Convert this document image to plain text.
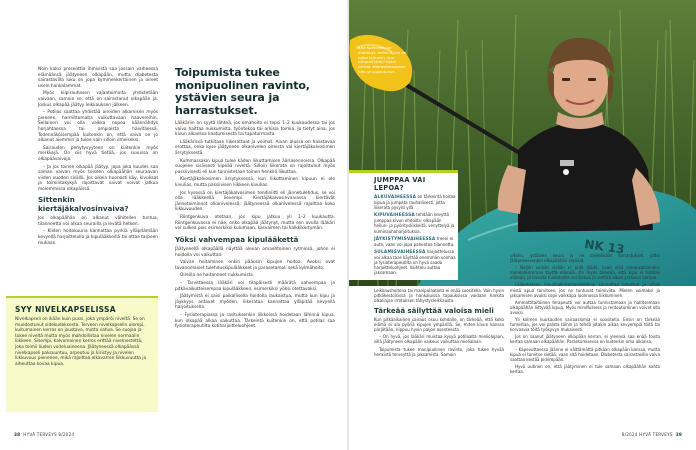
Noin kaksi prosenttia ihmisistä saa jossain vaiheessa elämäänsä jäätyneen olkapään, mutta diabetesta sairastavilla luku on jopa kymmenkertainen ja oireet usein hankalammat.

Myös kilpirauhasen vajaatoiminta yhdistetään vaivaan, samoin se, että on sairastanut olkapään ja. Joskus olkapää jäätyy leikkauksen jälkeen.

– Potilas saattaa yhdistää oireiden alkamisen myös pieneen, harmittomalta vaikuttavaan haavereihin. Sellainen voi olla vaikka nopea käännähdys horjahtaessa tai ampiaista häivitäessä. Todennäköisempää kuitenkin on, että vaiva on jo alkanut aiemmin ja tuleе vain silloin ilmeiseksi.

Sairauden periytyvyyteen on kuitenkin myös merkkejä. On siis hyvä tietää, jos suvussa on olkapäävaivoja.

– Ja jos toinen olkapää jäätyy, jopa joka kuudes saa saman vaivan myös toiseen olkapäähän seuraavan viiden vuoden sisällä. Jos oikein huonosti käy, kivuliaat ja toimintakykyä rajoittavat vaivat voivat jatkua molemmissa olkapäissä.

Sittenkin kiertäjäkalvosinvaiva?

Jos olkapäähän on alkanut vähitellen tuntua, tilanneetta voi alkaa seuraillа ja levätä hetken.

– Kliden hoitokuuria kannattaa pyrkiä ylläpitämään kevyellä harjoittelulla ja kipulääkkeillä tai ottaa tarpeen mukaan.

SYY NIVELKAPSELISSA
Nivelkapseli on ikään kuin pussi, joka ympäröi niveltä. Se on muodostunut sidekudoksesta. Terveen nivelkapselin ulompi, kuitumainen kerros on joustava, mutta vahva. Se suojaa ja tukee niveltä mutta myös mahdollistaa nivelen normaalin liikkeen. Sisempi, kalvomainen kerros erittää nivelnestettä, joka toimii liuden voiteluaineena. Jäätyneessä olkapäässä nivelkapseli paksuuntuu, arpeutuu ja kiristyy ja nivelen liikkuvuus pienenee, mikä rajoittaa olkavarren liikkuvuutta ja aiheuttaa kovaa kipua.
Toipumista tukee monipuolinen ravinto, ystävien seura ja harrastukset.

Lääkäriin on syytä lähteä, jos omahoito ei tepsi 1–2 kuukaudessa tai jos vaiva haittaa nukkumista, työntekoa tai arkisia toimia. Jo tietyt aina, jos kivun alkaessa kaatumisesta tai tapaturmasta.

Lääkärissä tutkitaan liikerattaat ja voimat. Aivan alussa on haastavaa erottaa, onko kyse jäätyneen olkanivelen oireista vai kiertäjäkalvosimen ärsytyksestä.

Kummassakin kipuá tulee käden liikuttamisen ääriasennoissa. Olkapää suojelee sisäisesti kipeää niveltä. Silloin liikerata on rajoittunut myös passiivisesti eli kun tunnistetaan toinen henkilö liikuttaa.

Kiertäjäkalvosimen ärsytyksessä, kun liikuttaminen kipuun ei ole kivulias, mutta passiivisen liikkeen kivulias.

Jos kysessä on kiertäjäkalvosimen tendiniitti eli jännetulehdus, se voi olla lääkkeellä lievempi. Kiertäjäkalvosinvaivassa kiertävät jännetoiminnot olkanivelessä; jäätyneessä olkanivelessä rajoittaa koko liikkuvuuden.

Röntgenkuva otetaan, jos kipu jatkuu yli 1–2 kuukautta. Röntgenkuvassa ei näe, onko olkapää jäätynyt, mutta sen avulla lääkäri voi sulkea pois esimerkiksi kulumaan, kasvaimen tai kalkkikertymän.

Yöksi vahvempaa kipulääkettä

Jäätyneellä olkapäällä näyttää olevan omaehtoinen rytminsä, johon ei hoidolla voi vaikuttaa.

Vaivan hoitaminen onkin pääosin kipujen hoitoa. Avoksi ovat tavanomaiset tulehduskipulääkkeet ja parasetamoli sekä kylmähoito.

Oireilla ne haitanneet nukkumista.

– Tarvittaessa lääkäri voi tilapäisesti määrätä vahvempaa ja pitkävaikutteisempaa kipulääkkeen, esimerkiksi yöksi otettavaksi.

Jäätymistä ei saisi paikallisella hoidolla laukaistua, mutta kun kipu ja jäykkyys antavat myöden, liikerataa kannattaa ylläpitää kevyellä harjoituksella.

– Fysioterapiassa ja rasituksenkin liikkeissä hoidetaan lähinnä kipua, kun olkapää alkaa vaikuttaa. Tärkeintä kuitenkin on, että potilas saa fysioterapeutilta kotiharjoitteluohjeet.

38 HYVÄ TERVEYS 8/2024
NK 13
Arja Kukkonen on miettinyt, miten hyvin on tullut toimeen, kun olkapää jäätyi kaksi kertaa. Harrastuksissaan hän on sopeutunut.
JUMPPAA VAI LEPOA?
ALKUVAIHEESSA on tärkeintä hoitaa kipua ja jumpata rauhallisesti, jotta liikerata pysyisi yllä.
KIPUVAIHEESSA tehdään kevyttä jumppaa kivun ehdoilla: olkapään heiluri- ja pyöritysliikkeitä, venyttelyä ja kuminauhaharjoituksia.
JÄYKISTYMISVAIHEESSA treeni ei auta, vaan voi jopa pahentaa tilannetta.
SULAMISVAIHEESSA harjoittelussa voi alkaa taas käyttää enemmän voimaa ja fysioterapeutilta on hyvä saada harjoitteluohjeet. Vaihtelu auttaa jaksamaan.

Leikkaushoitona tai manipulaatiota ei enää suositella. Vain hyvin pitkäkestoisissa ja hankaluissa tapauksissa voidaan harkita olkalinjan irrotuksen tähystysleikkausta.

Tärkeää säilyttää valoisa mieli

Kun pitkäaikainen sairaus osuu kohdalle, on tärkeää, että koko elämä ei ala pyöriä kipujen ympärillä. Se, miten kivun kanssa pärjätään, riippuu hyvin paljon asenteesta.

– On hyvä, jos lääkäri muistaa kysyä potilaalta mieliolojaan, sillä jäätyneen olkapään vaikeus vaikuttaa mielialaan.

Toipumista tukee monipuolinen ravinto, joka tukee hyvää henkistä terveyttä ja jaksamista. Samoin

ulkoilu, ystävien seura ja ne mielekkäät harrastukset, jotka jäätyneeseenkin olkapäähän sopivat.

– Neljän seinän sisään ei pidä jäädä, vaan elää sairausaikanakin mahdollisimman täyttä elämää. On myös tärkeää, että kipu ei hallitse elämää, ja kivusta huolimatta voi liikkua ja viettää aikaa ystävien kanssa.

Lääketieteen kivunhallintamenetelmiin kannattaa tutustua ja ottaa mistä apua tarvitsee, jos ne tuntuvat toimivilta. Mielen voimaksi ja jaksamisen avuksi sopii vaikkapa luonnossa liikkuminen.

Ammattitaitoinen terapeutti voi auttaa tunnistamaan ja hallitsemaan olkapäähän liittyvää kipua. Myös mindfulness ja rentoutuminen voivat olla avuksi.

Yli kolmen kuukauden sairaaslomia ei suositella. Ensin on tärkeää tunnistaa, jos voi palata töihin ja tehdä jotakin aikaa kevyempiä töitä tai korvaavia töitä työkyvyn mukaisesti.

Jos on saanut jäätyneen olkapään kerran, ei yleensä saa enää toista kertaa samaan olkapäähän. Parantumisessa on kuitenkin oma aikansa.

– Käpevuttaessa jäänne ei välttämättä pitkään olkapään kanssa, mutta kipua ei tarvitse sietää, vaan sitä hoidetaan. Diabetesta sairastavilla vaiva saattaa kestää pidempään.

Hyvä uutinen on, että jäätyminen ei tule samaan olkapäähän kahta kertaa.

8/2024 HYVÄ TERVEYS 39
